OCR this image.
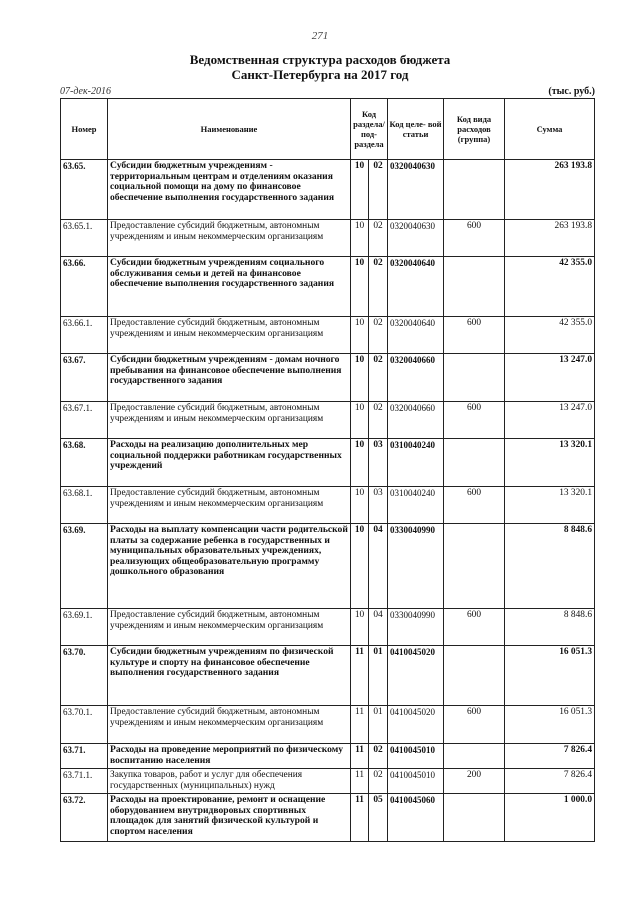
271
Ведомственная структура расходов бюджета
Санкт-Петербурга на 2017 год
07-дек-2016	(тыс. руб.)
Номер	Наименование	Код раздела/ под- раздела		Код целе- вой статьи	Код вида расходов (группа)	Сумма
63.65.	Субсидии бюджетным учреждениям - территориальным центрам и отделениям оказания социальной помощи на дому по финансовое обеспечение выполнения государственного задания	10	02	0320040630		263 193.8
63.65.1.	Предоставление субсидий бюджетным, автономным учреждениям и иным некоммерческим организациям	10	02	0320040630	600	263 193.8
63.66.	Субсидии бюджетным учреждениям социального обслуживания семьи и детей на финансовое обеспечение выполнения государственного задания	10	02	0320040640		42 355.0
63.66.1.	Предоставление субсидий бюджетным, автономным учреждениям и иным некоммерческим организациям	10	02	0320040640	600	42 355.0
63.67.	Субсидии бюджетным учреждениям - домам ночного пребывания на финансовое обеспечение выполнения государственного задания	10	02	0320040660		13 247.0
63.67.1.	Предоставление субсидий бюджетным, автономным учреждениям и иным некоммерческим организациям	10	02	0320040660	600	13 247.0
63.68.	Расходы на реализацию дополнительных мер социальной поддержки работникам государственных учреждений	10	03	0310040240		13 320.1
63.68.1.	Предоставление субсидий бюджетным, автономным учреждениям и иным некоммерческим организациям	10	03	0310040240	600	13 320.1
63.69.	Расходы на выплату компенсации части родительской платы за содержание ребенка в государственных и муниципальных образовательных учреждениях, реализующих общеобразовательную программу дошкольного образования	10	04	0330040990		8 848.6
63.69.1.	Предоставление субсидий бюджетным, автономным учреждениям и иным некоммерческим организациям	10	04	0330040990	600	8 848.6
63.70.	Субсидии бюджетным учреждениям по физической культуре и спорту на финансовое обеспечение выполнения государственного задания	11	01	0410045020		16 051.3
63.70.1.	Предоставление субсидий бюджетным, автономным учреждениям и иным некоммерческим организациям	11	01	0410045020	600	16 051.3
63.71.	Расходы на проведение мероприятий по физическому воспитанию населения	11	02	0410045010		7 826.4
63.71.1.	Закупка товаров, работ и услуг для обеспечения государственных (муниципальных) нужд	11	02	0410045010	200	7 826.4
63.72.	Расходы на проектирование, ремонт и оснащение оборудованием внутридворовых спортивных площадок для занятий физической культурой и спортом населения	11	05	0410045060		1 000.0
